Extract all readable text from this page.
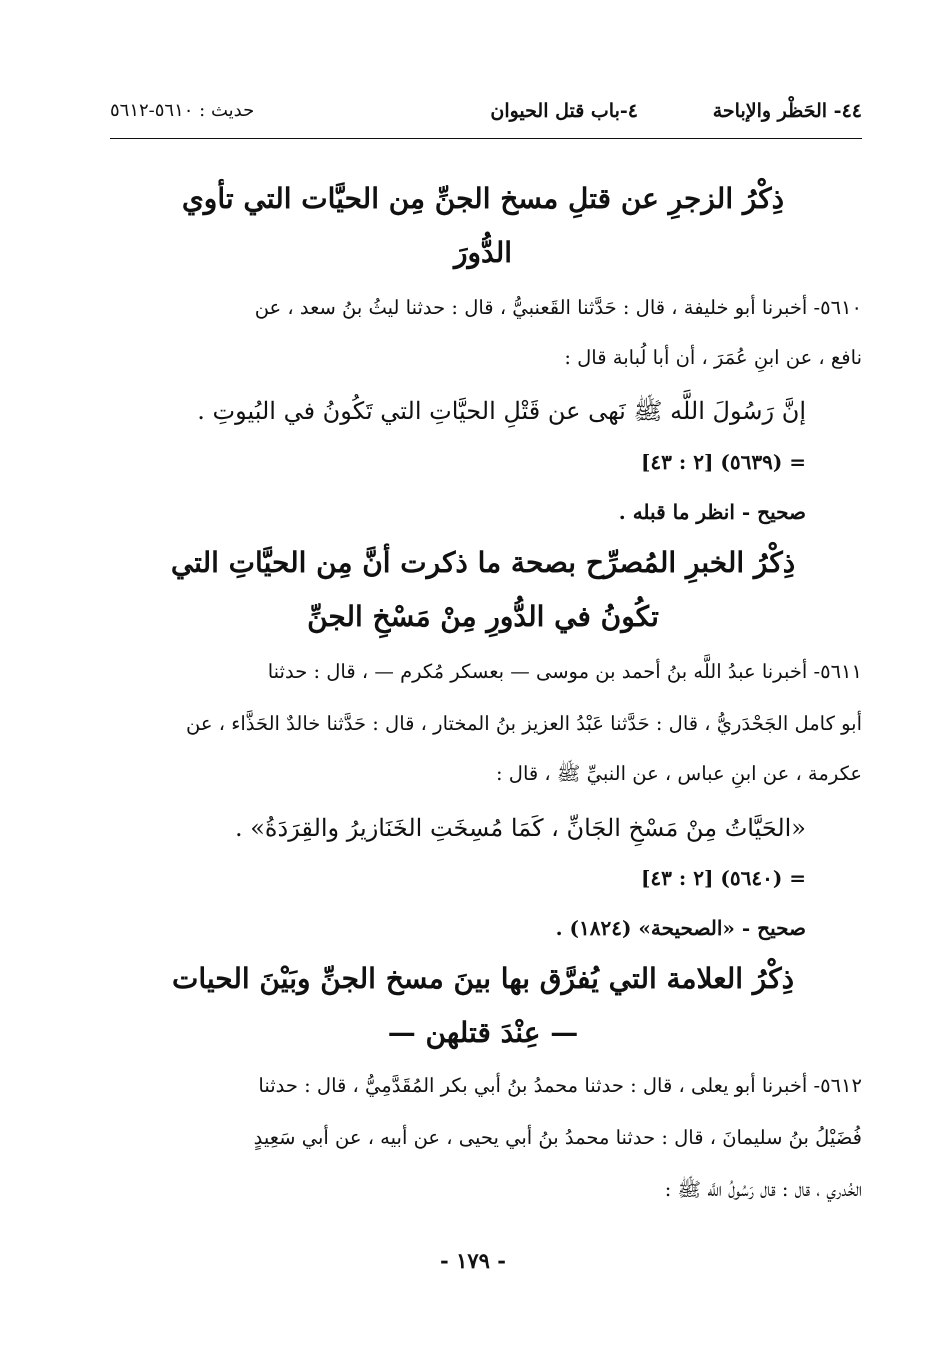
٤٤- الحَظْر والإباحة
٤-باب قتل الحيوان
حديث : ٥٦١٠-٥٦١٢
ذِكْرُ الزجرِ عن قتلِ مسخ الجنِّ مِن الحيَّات التي تأوي
الدُّورَ
٥٦١٠- أخبرنا أبو خليفة ، قال : حَدَّثنا القَعنبيُّ ، قال : حدثنا ليثُ بنُ سعد ، عن
نافع ، عن ابنِ عُمَرَ ، أن أبا لُبابة قال :
إنَّ رَسُولَ اللَّه ﷺ نَهى عن قَتْلِ الحيَّاتِ التي تَكُونُ في البُيوتِ .
= (٥٦٣٩) [٢ : ٤٣]
صحيح - انظر ما قبله .
ذِكْرُ الخبرِ المُصرِّح بصحة ما ذكرت أنَّ مِن الحيَّاتِ التي
تكُونُ في الدُّورِ مِنْ مَسْخِ الجنِّ
٥٦١١- أخبرنا عبدُ اللَّه بنُ أحمد بن موسى — بعسكر مُكرم — ، قال : حدثنا
أبو كامل الجَحْدَريُّ ، قال : حَدَّثنا عَبْدُ العزيز بنُ المختار ، قال : حَدَّثنا خالدٌ الحَذَّاء ، عن
عكرمة ، عن ابنِ عباس ، عن النبيِّ ﷺ ، قال :
«الحَيَّاتُ مِنْ مَسْخِ الجَانِّ ، كَمَا مُسِخَتِ الخَنَازيرُ والقِرَدَةُ» .
= (٥٦٤٠) [٢ : ٤٣]
صحيح - «الصحيحة» (١٨٢٤) .
ذِكْرُ العلامة التي يُفرَّق بها بينَ مسخ الجنِّ وبَيْنَ الحيات
— عِنْدَ قتلهن —
٥٦١٢- أخبرنا أبو يعلى ، قال : حدثنا محمدُ بنُ أبي بكر المُقَدَّمِيُّ ، قال : حدثنا
فُضَيْلُ بنُ سليمانَ ، قال : حدثنا محمدُ بنُ أبي يحيى ، عن أبيه ، عن أبي سَعِيدٍ
الخُدري ، قال : قال رَسُولُ اللَّه ﷺ :
- ١٧٩ -
